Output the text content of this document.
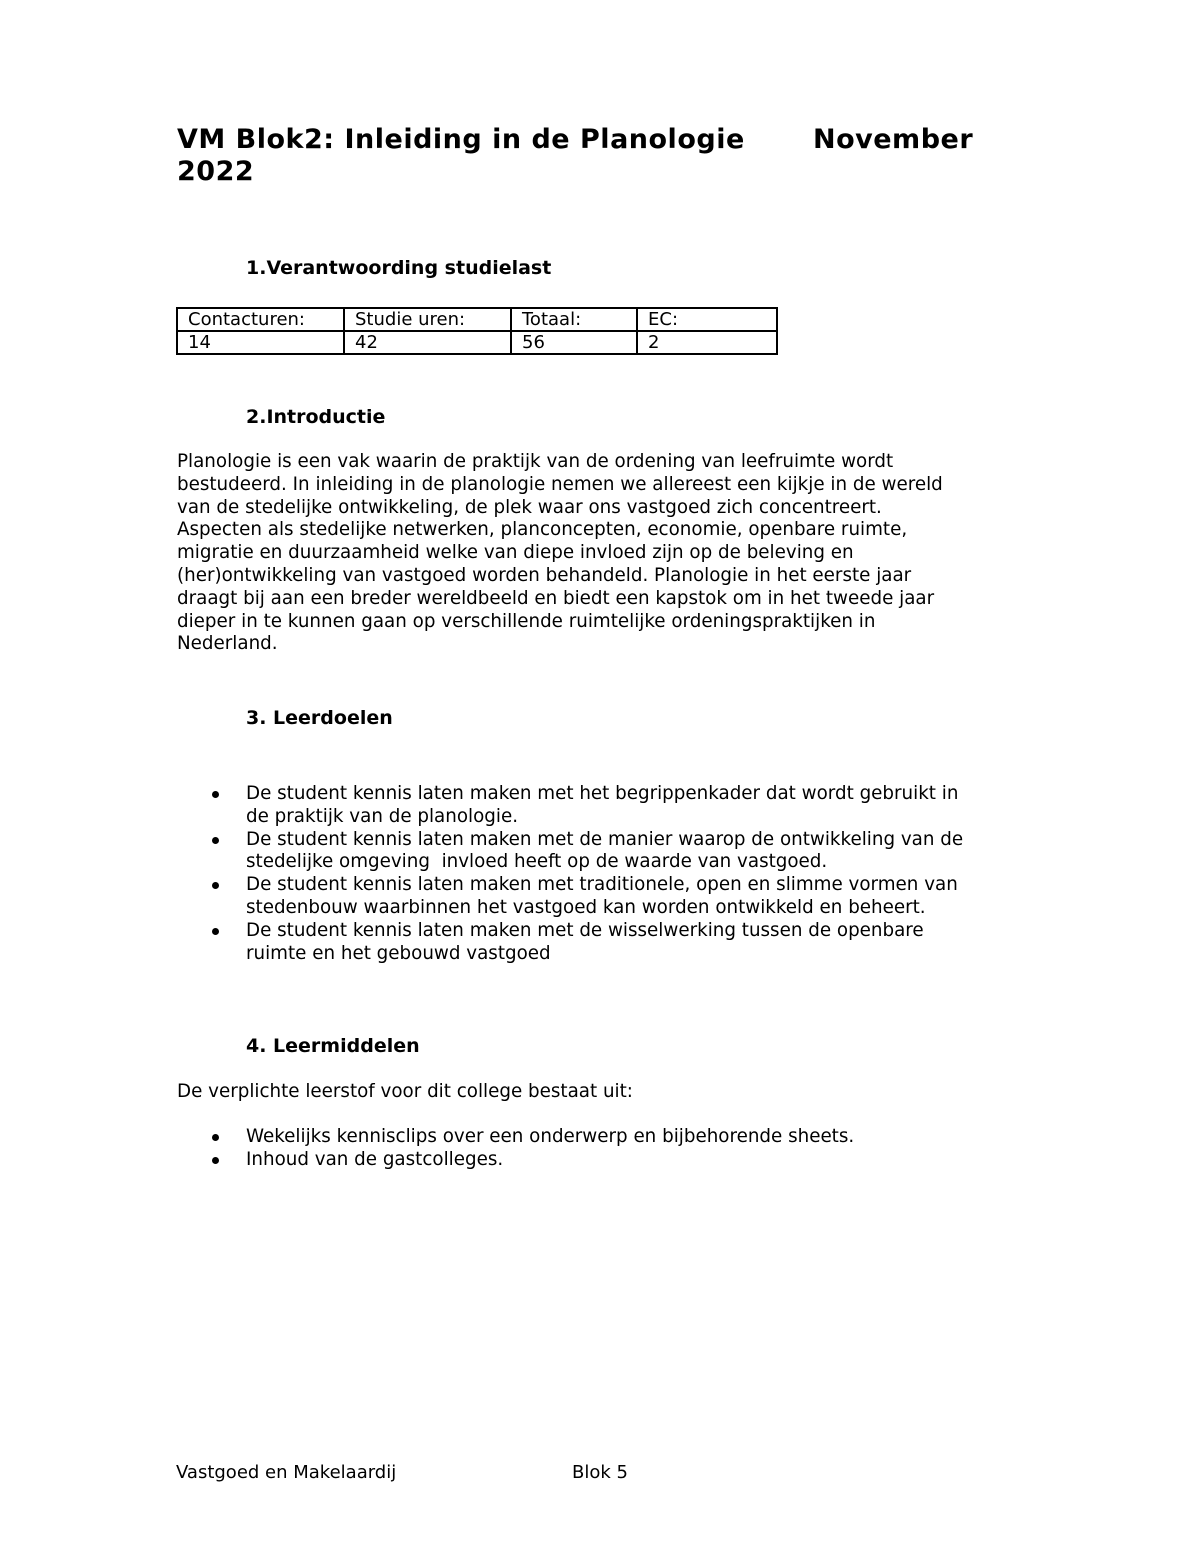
VM Blok2: Inleiding in de Planologie	November
2022
1.Verantwoording studielast
Contacturen:	Studie uren:	Totaal:	EC:
14	42	56	2
2.Introductie
Planologie is een vak waarin de praktijk van de ordening van leefruimte wordt
bestudeerd. In inleiding in de planologie nemen we allereest een kijkje in de wereld
van de stedelijke ontwikkeling, de plek waar ons vastgoed zich concentreert.
Aspecten als stedelijke netwerken, planconcepten, economie, openbare ruimte,
migratie en duurzaamheid welke van diepe invloed zijn op de beleving en
(her)ontwikkeling van vastgoed worden behandeld. Planologie in het eerste jaar
draagt bij aan een breder wereldbeeld en biedt een kapstok om in het tweede jaar
dieper in te kunnen gaan op verschillende ruimtelijke ordeningspraktijken in
Nederland.
3. Leerdoelen
De student kennis laten maken met het begrippenkader dat wordt gebruikt in
de praktijk van de planologie.
De student kennis laten maken met de manier waarop de ontwikkeling van de
stedelijke omgeving  invloed heeft op de waarde van vastgoed.
De student kennis laten maken met traditionele, open en slimme vormen van
stedenbouw waarbinnen het vastgoed kan worden ontwikkeld en beheert.
De student kennis laten maken met de wisselwerking tussen de openbare
ruimte en het gebouwd vastgoed
4. Leermiddelen
De verplichte leerstof voor dit college bestaat uit:
Wekelijks kennisclips over een onderwerp en bijbehorende sheets.
Inhoud van de gastcolleges.
Vastgoed en Makelaardij	Blok 5
